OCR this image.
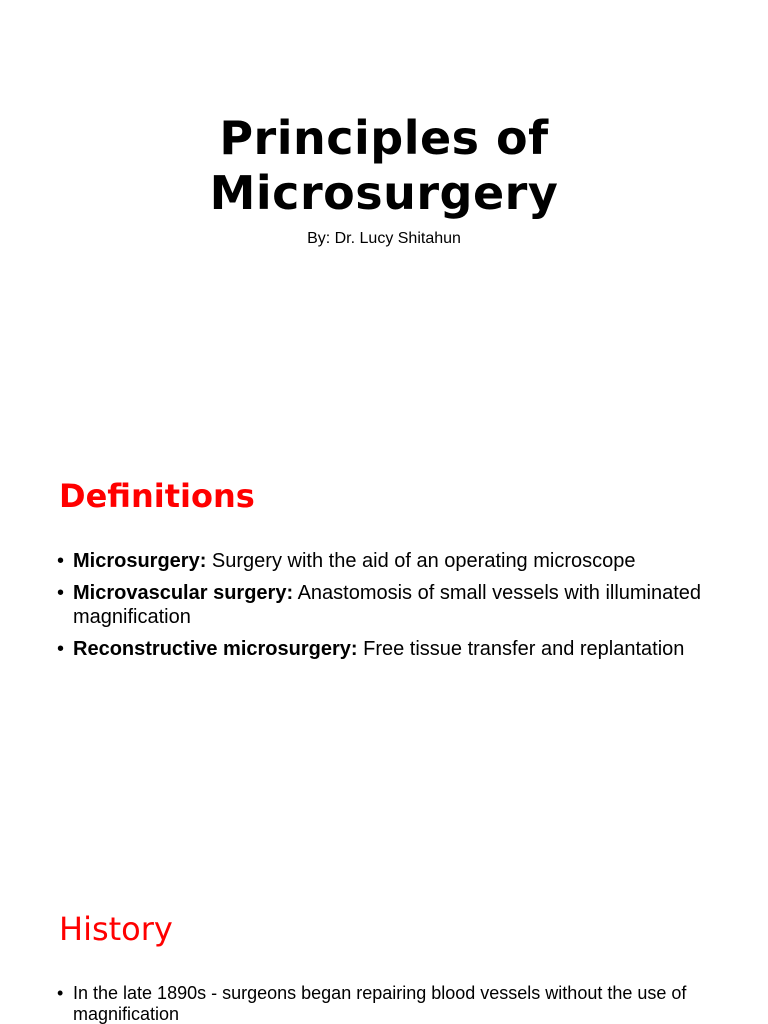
Principles of
Microsurgery
By: Dr. Lucy Shitahun
Definitions
• Microsurgery: Surgery with the aid of an operating microscope
• Microvascular surgery: Anastomosis of small vessels with illuminated magnification
• Reconstructive microsurgery: Free tissue transfer and replantation
History
• In the late 1890s - surgeons began repairing blood vessels without the use of magnification
